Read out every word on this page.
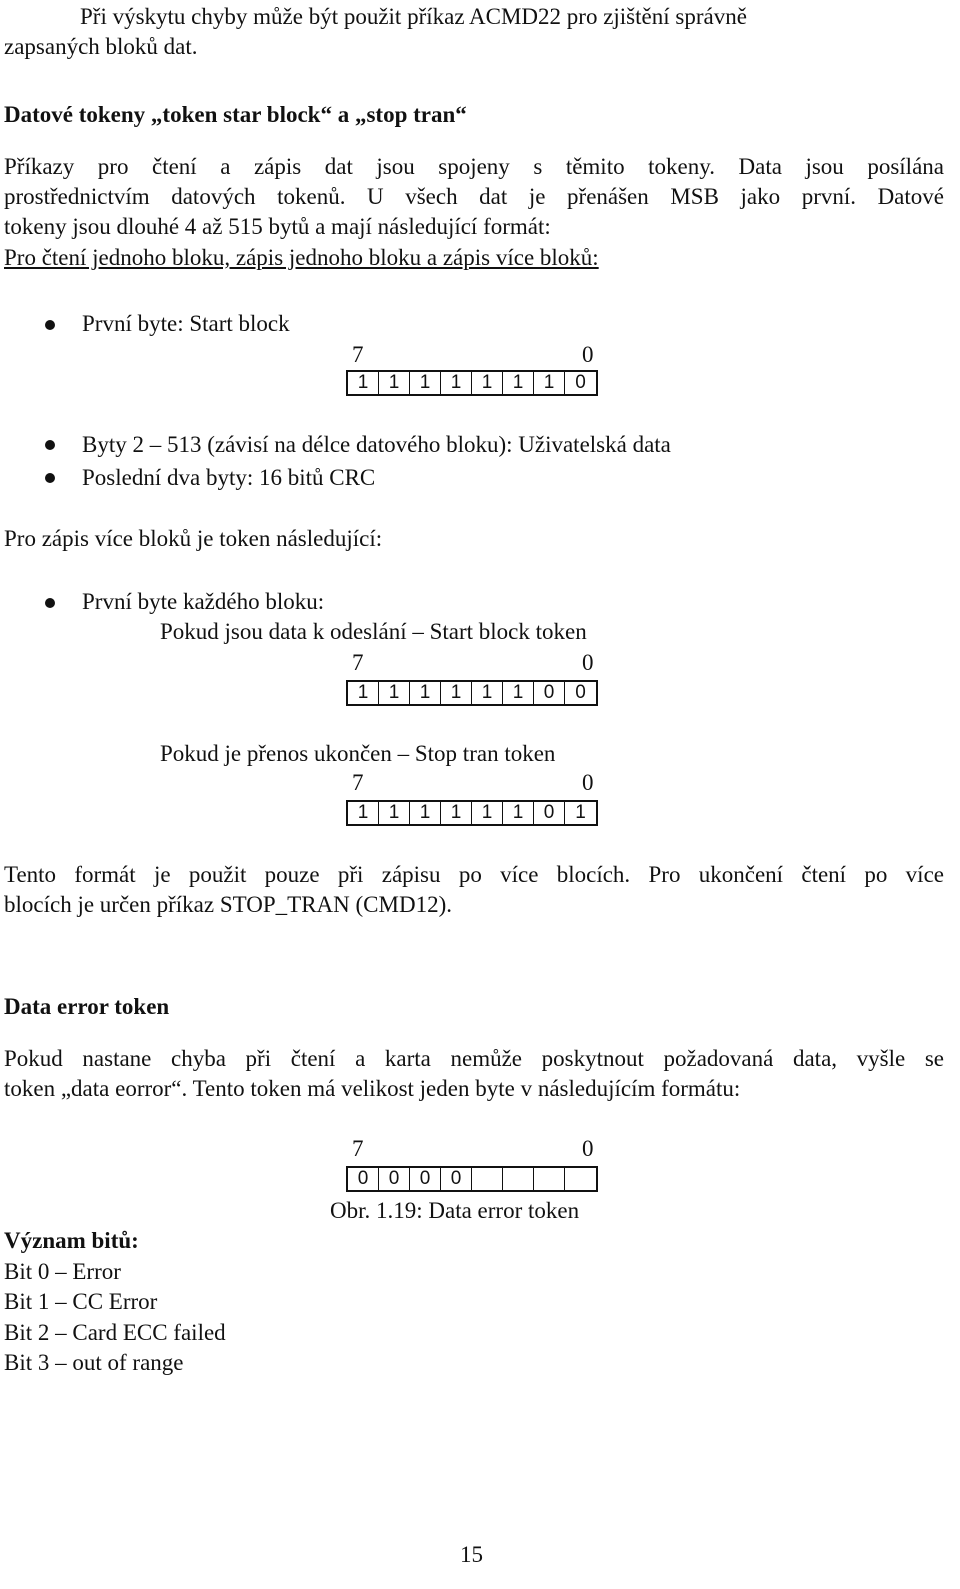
Při výskytu chyby může být použit příkaz ACMD22 pro zjištění správně
zapsaných bloků dat.
Datové tokeny „token star block“ a „stop tran“
Příkazy pro čtení a zápis dat jsou spojeny s těmito tokeny. Data jsou posílána
prostřednictvím datových tokenů. U všech dat je přenášen MSB jako první. Datové
tokeny jsou dlouhé 4 až 515 bytů a mají následující formát:
Pro čtení jednoho bloku, zápis jednoho bloku a zápis více bloků:
První byte: Start block
7	0
1	1	1	1	1	1	1	0
Byty 2 – 513 (závisí na délce datového bloku): Uživatelská data
Poslední dva byty: 16 bitů CRC
Pro zápis více bloků je token následující:
První byte každého bloku:
Pokud jsou data k odeslání – Start block token
7	0
1	1	1	1	1	1	0	0
Pokud je přenos ukončen – Stop tran token
7	0
1	1	1	1	1	1	0	1
Tento formát je použit pouze při zápisu po více blocích. Pro ukončení čtení po více
blocích je určen příkaz STOP_TRAN (CMD12).
Data error token
Pokud nastane chyba při čtení a karta nemůže poskytnout požadovaná data, vyšle se
token „data eorror“. Tento token má velikost jeden byte v následujícím formátu:
7	0
0	0	0	0
Obr. 1.19: Data error token
Význam bitů:
Bit 0 – Error
Bit 1 – CC Error
Bit 2 – Card ECC failed
Bit 3 – out of range
15
